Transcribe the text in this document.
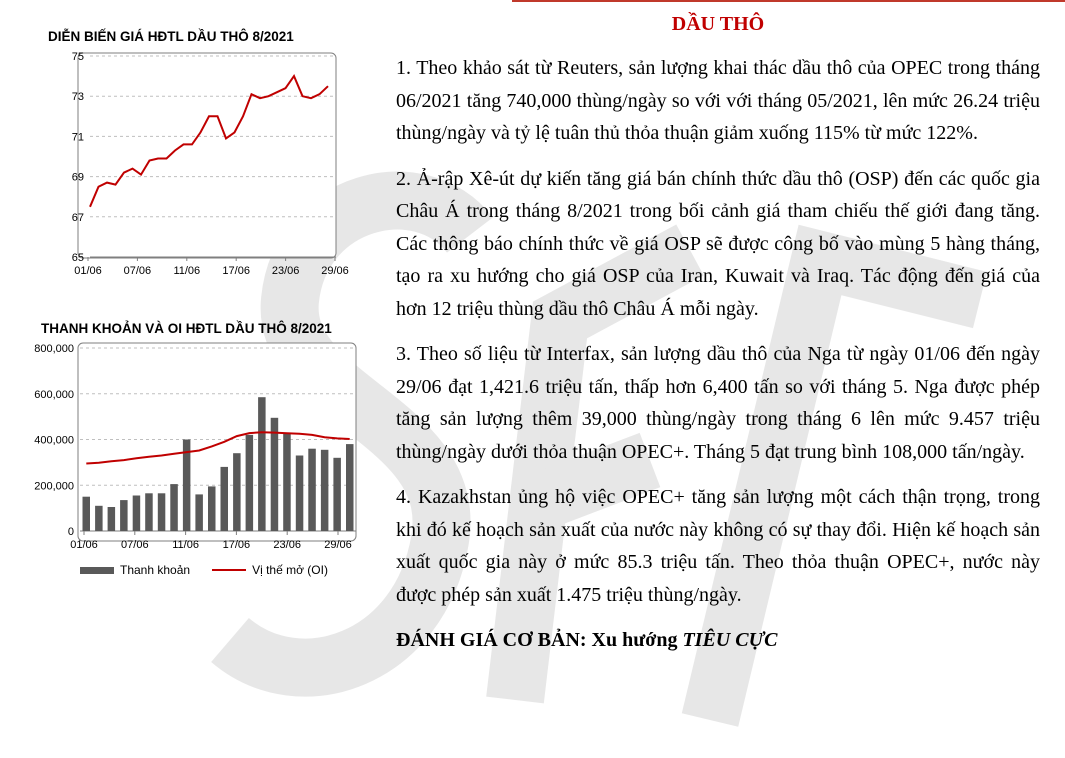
DIỄN BIẾN GIÁ HĐTL DẦU THÔ 8/2021
75
73
71
69
67
65
01/06 07/06 11/06 17/06 23/06 29/06
THANH KHOẢN VÀ OI HĐTL DẦU THÔ 8/2021
800,000
600,000
400,000
200,000
0
01/06 07/06 11/06 17/06 23/06 29/06
Thanh khoản	Vị thế mở (OI)
DẦU THÔ

1. Theo khảo sát từ Reuters, sản lượng khai thác dầu thô của OPEC trong tháng 06/2021 tăng 740,000 thùng/ngày so với với tháng 05/2021, lên mức 26.24 triệu thùng/ngày và tỷ lệ tuân thủ thỏa thuận giảm xuống 115% từ mức 122%.

2. Ả-rập Xê-út dự kiến tăng giá bán chính thức dầu thô (OSP) đến các quốc gia Châu Á trong tháng 8/2021 trong bối cảnh giá tham chiếu thế giới đang tăng. Các thông báo chính thức về giá OSP sẽ được công bố vào mùng 5 hàng tháng, tạo ra xu hướng cho giá OSP của Iran, Kuwait và Iraq. Tác động đến giá của hơn 12 triệu thùng dầu thô Châu Á mỗi ngày.

3. Theo số liệu từ Interfax, sản lượng dầu thô của Nga từ ngày 01/06 đến ngày 29/06 đạt 1,421.6 triệu tấn, thấp hơn 6,400 tấn so với tháng 5. Nga được phép tăng sản lượng thêm 39,000 thùng/ngày trong tháng 6 lên mức 9.457 triệu thùng/ngày dưới thỏa thuận OPEC+. Tháng 5 đạt trung bình 108,000 tấn/ngày.

4. Kazakhstan ủng hộ việc OPEC+ tăng sản lượng một cách thận trọng, trong khi đó kế hoạch sản xuất của nước này không có sự thay đổi. Hiện kế hoạch sản xuất quốc gia này ở mức 85.3 triệu tấn. Theo thỏa thuận OPEC+, nước này được phép sản xuất 1.475 triệu thùng/ngày.

ĐÁNH GIÁ CƠ BẢN: Xu hướng TIÊU CỰC
